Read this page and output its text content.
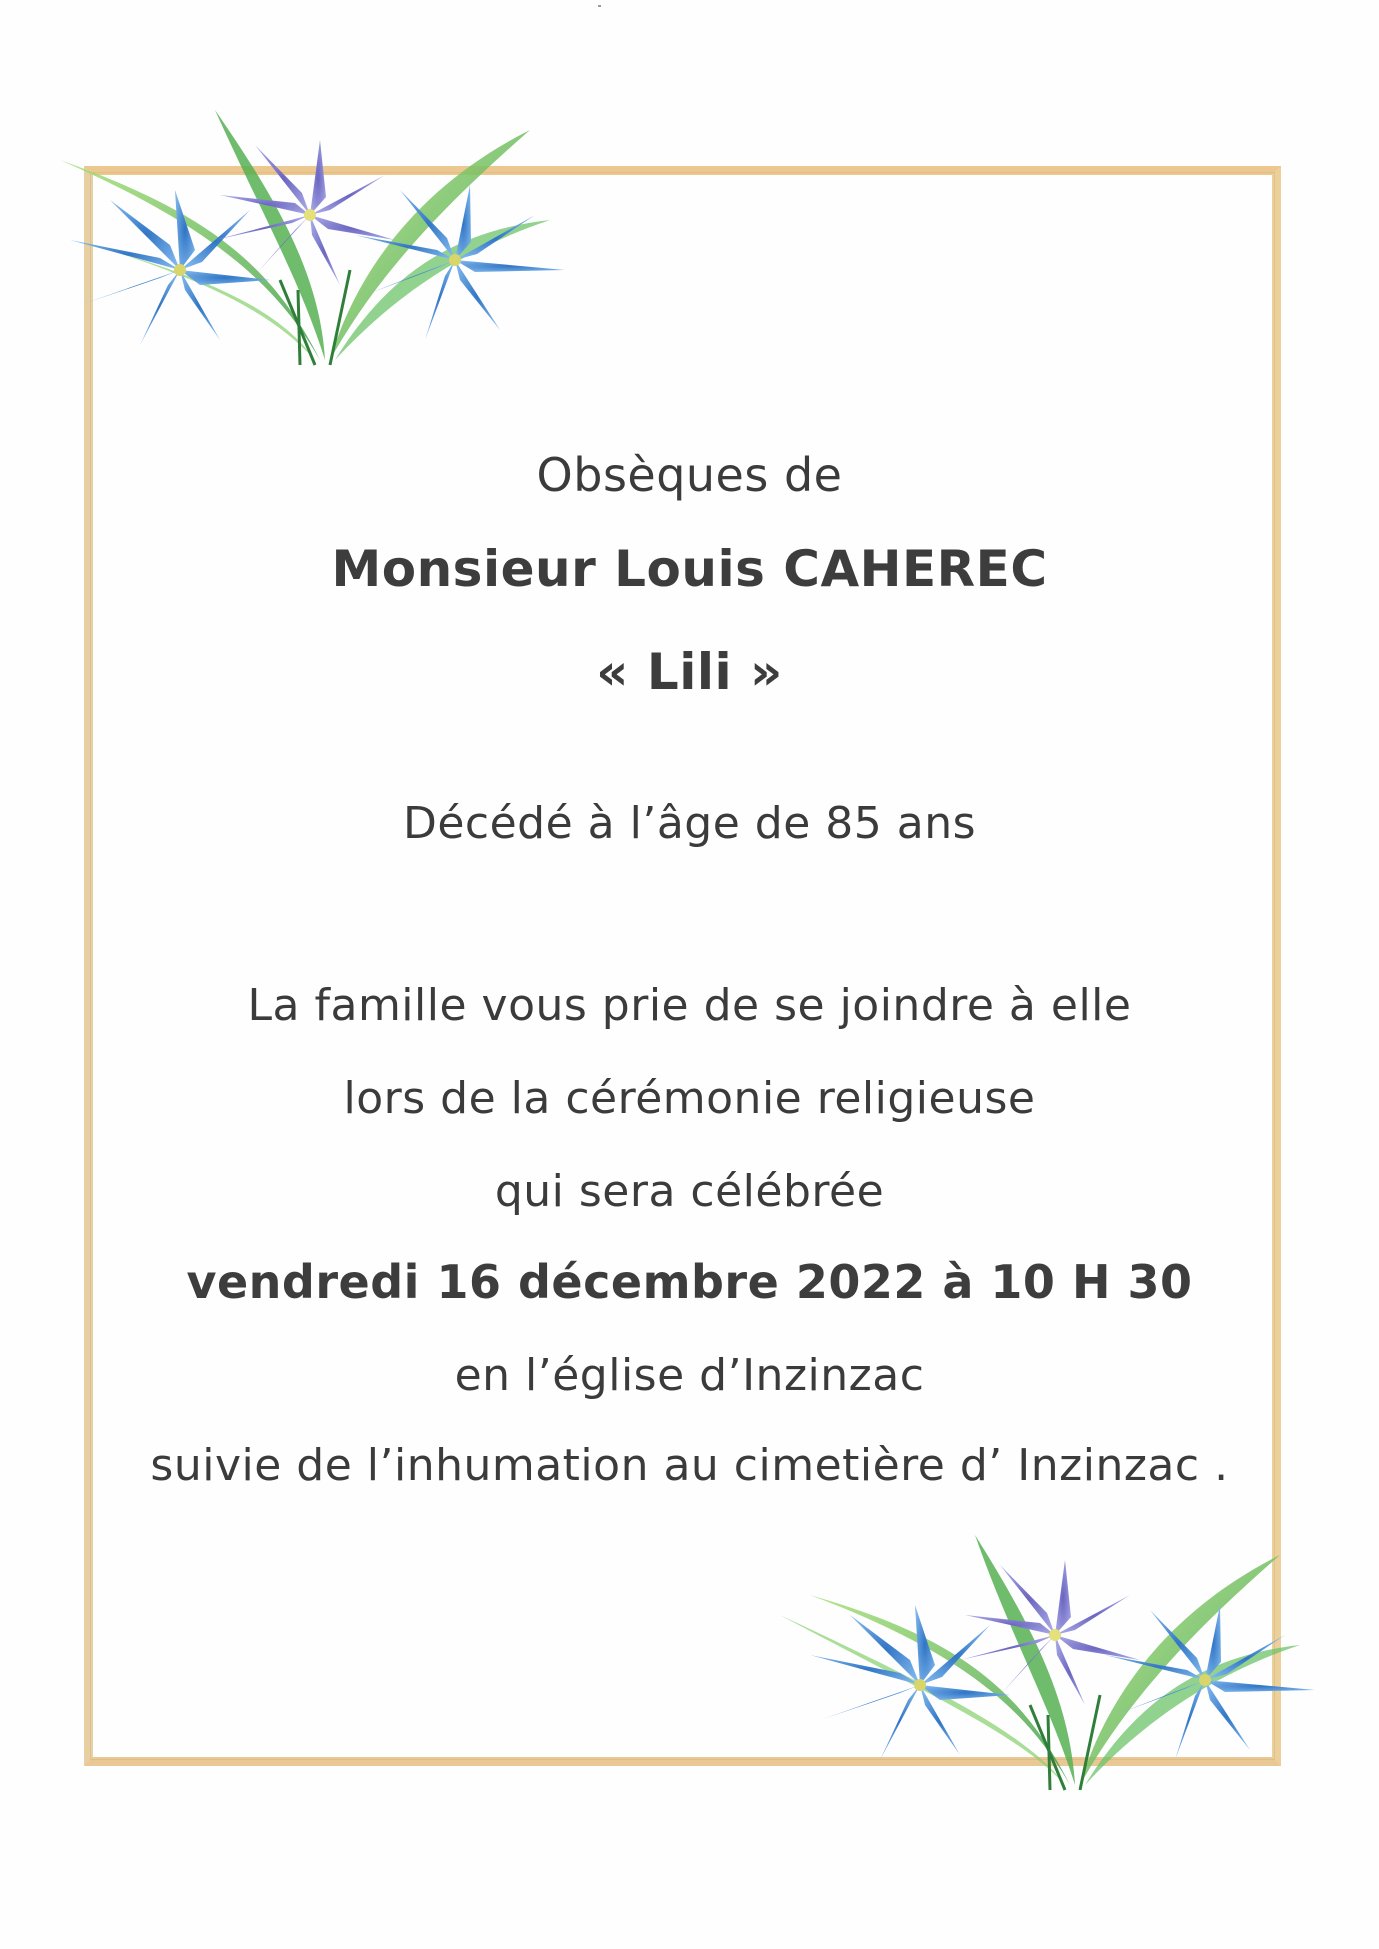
Obsèques de
Monsieur Louis CAHEREC
« Lili »
Décédé à l’âge de 85 ans
La famille vous prie de se joindre à elle
lors de la cérémonie religieuse
qui sera célébrée
vendredi 16 décembre 2022 à 10 H 30
en l’église d’Inzinzac
suivie de l’inhumation au cimetière d’ Inzinzac .
